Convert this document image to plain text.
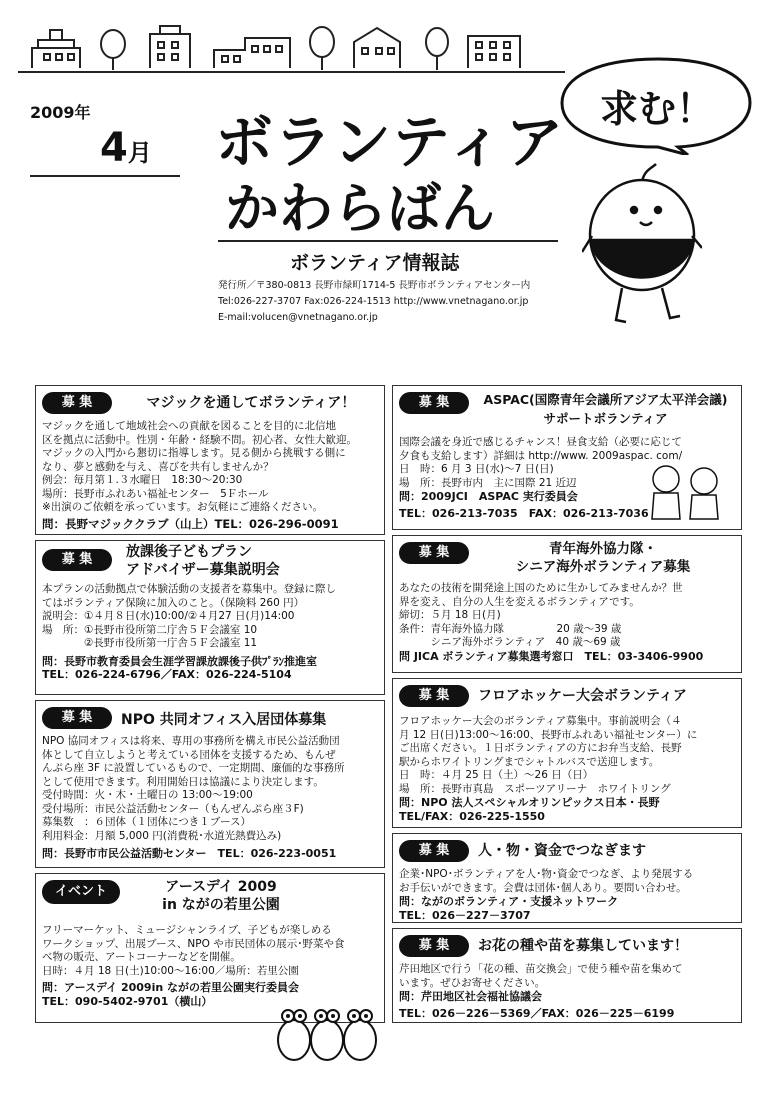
2009年
4月 ボランティア
かわらばん
ボランティア情報誌
発行所／〒380-0813 長野市緑町1714-5 長野市ボランティアセンター内
Tel:026-227-3707 Fax:026-224-1513 http://www.vnetnagano.or.jp
E-mail:volucen@vnetnagano.or.jp
求む！
募 集	マジックを通してボランティア！
マジックを通して地域社会への貢献を図ることを目的に北信地
区を拠点に活動中。性別・年齢・経験不問。初心者、女性大歓迎。
マジックの入門から懇切に指導します。見る側から挑戦する側に
なり、夢と感動を与え、喜びを共有しませんか？
例会：毎月第１.３水曜日　18:30～20:30
場所：長野市ふれあい福祉センター　5Ｆホール
※出演のご依頼を承っています。お気軽にご連絡ください。
問：長野マジッククラブ（山上）TEL：026-296-0091
募 集	放課後子どもプラン
アドバイザー募集説明会
本プランの活動拠点で体験活動の支援者を募集中。登録に際し
てはボランティア保険に加入のこと。（保険料 260 円）
説明会：①４月８日(水)10:00/②４月27 日(月)14:00
場　所：①長野市役所第二庁舎５Ｆ会議室 10
　　　　②長野市役所第一庁舎５Ｆ会議室 11
問：長野市教育委員会生涯学習課放課後子供ﾌﾟﾗﾝ推進室
TEL：026-224-6796／FAX：026-224-5104
募 集	NPO 共同オフィス入居団体募集
NPO 協同オフィスは将来、専用の事務所を構え市民公益活動団
体として自立しようと考えている団体を支援するため、もんぜ
んぷら座 3F に設置しているもので、一定期間、廉価的な事務所
として使用できます。利用開始日は協議により決定します。
受付時間：火・木・土曜日の 13:00～19:00
受付場所：市民公益活動センター（もんぜんぷら座３F)
募集数　：６団体（１団体につき１ブース）
利用料金：月額 5,000 円(消費税･水道光熱費込み)
問：長野市市民公益活動センター　TEL：026-223-0051
イベント	アースデイ 2009
in ながの若里公園
フリーマーケット、ミュージシャンライブ、子どもが楽しめる
ワークショップ、出展ブース、NPO や市民団体の展示･野菜や食
べ物の販売、アートコーナーなどを開催。
日時：４月 18 日(土)10:00～16:00／場所：若里公園
問：アースデイ 2009in ながの若里公園実行委員会
TEL：090-5402-9701（横山）
募 集	ASPAC(国際青年会議所アジア太平洋会議)
サポートボランティア
国際会議を身近で感じるチャンス！昼食支給（必要に応じて
夕食も支給します）詳細は http://www. 2009aspac. com/
日　時：6 月 3 日(水)～7 日(日)
場　所：長野市内　主に国際 21 近辺
問：2009JCI　ASPAC 実行委員会
TEL：026-213-7035　FAX：026-213-7036
募 集	青年海外協力隊・
シニア海外ボランティア募集
あなたの技術を開発途上国のために生かしてみませんか？世
界を変え、自分の人生を変えるボランティアです。
締切：５月 18 日(月)
条件：青年海外協力隊　　　　　20 歳～39 歳
　　　シニア海外ボランティア　40 歳～69 歳
問 JICA ボランティア募集選考窓口　TEL：03-3406-9900
募 集	フロアホッケー大会ボランティア
フロアホッケー大会のボランティア募集中。事前説明会（４
月 12 日(日)13:00～16:00、長野市ふれあい福祉センター）に
ご出席ください。１日ボランティアの方にお弁当支給、長野
駅からホワイトリングまでシャトルバスで送迎します。
日　時：４月 25 日（土）～26 日（日）
場　所：長野市真島　スポーツアリーナ　ホワイトリング
問：NPO 法人スペシャルオリンピックス日本・長野
TEL/FAX：026-225-1550
募 集	人・物・資金でつなぎます
企業･NPO･ボランティアを人･物･資金でつなぎ、より発展する
お手伝いができます。会費は団体･個人あり。要問い合わせ。
問：ながのボランティア・支援ネットワーク
TEL：026－227－3707
募 集	お花の種や苗を募集しています！
芹田地区で行う「花の種、苗交換会」で使う種や苗を集めて
います。ぜひお寄せください。
問：芹田地区社会福祉協議会
TEL：026－226－5369／FAX：026－225－6199
